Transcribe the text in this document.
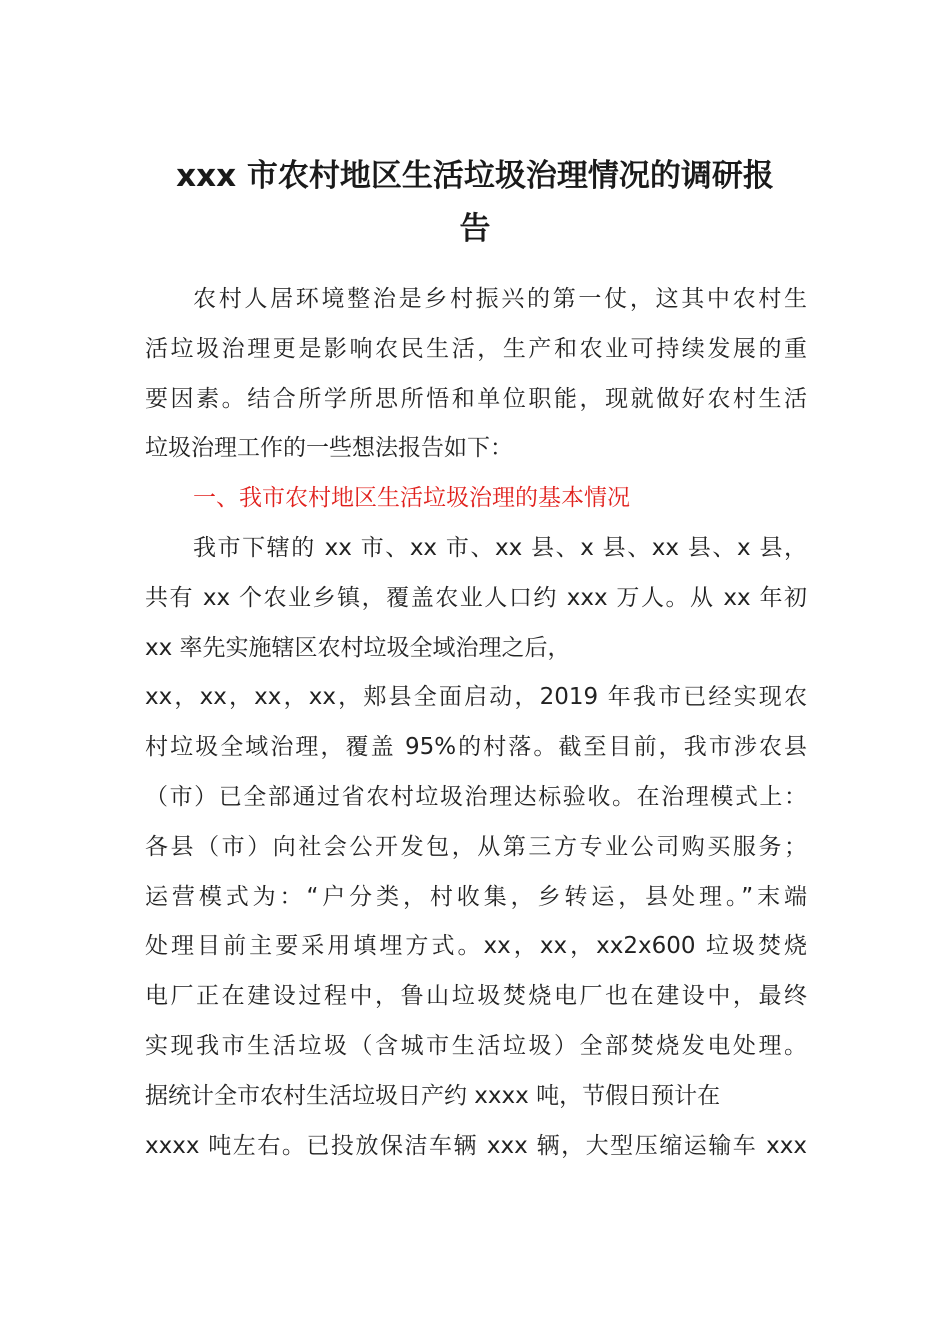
xxx 市农村地区生活垃圾治理情况的调研报
告
农村人居环境整治是乡村振兴的第一仗，这其中农村生
活垃圾治理更是影响农民生活，生产和农业可持续发展的重
要因素。结合所学所思所悟和单位职能，现就做好农村生活
垃圾治理工作的一些想法报告如下：
一、我市农村地区生活垃圾治理的基本情况
我市下辖的 xx 市、xx 市、xx 县、x 县、xx 县、x 县，
共有 xx 个农业乡镇，覆盖农业人口约 xxx 万人。从 xx 年初
xx 率先实施辖区农村垃圾全域治理之后，
xx，xx，xx，xx，郏县全面启动，2019 年我市已经实现农
村垃圾全域治理，覆盖 95%的村落。截至目前，我市涉农县
（市）已全部通过省农村垃圾治理达标验收。在治理模式上：
各县（市）向社会公开发包，从第三方专业公司购买服务；
运营模式为：“户分类，村收集，乡转运，县处理。”末端
处理目前主要采用填埋方式。xx，xx，xx2x600 垃圾焚烧
电厂正在建设过程中，鲁山垃圾焚烧电厂也在建设中，最终
实现我市生活垃圾（含城市生活垃圾）全部焚烧发电处理。
据统计全市农村生活垃圾日产约 xxxx 吨，节假日预计在
xxxx 吨左右。已投放保洁车辆 xxx 辆，大型压缩运输车 xxx
